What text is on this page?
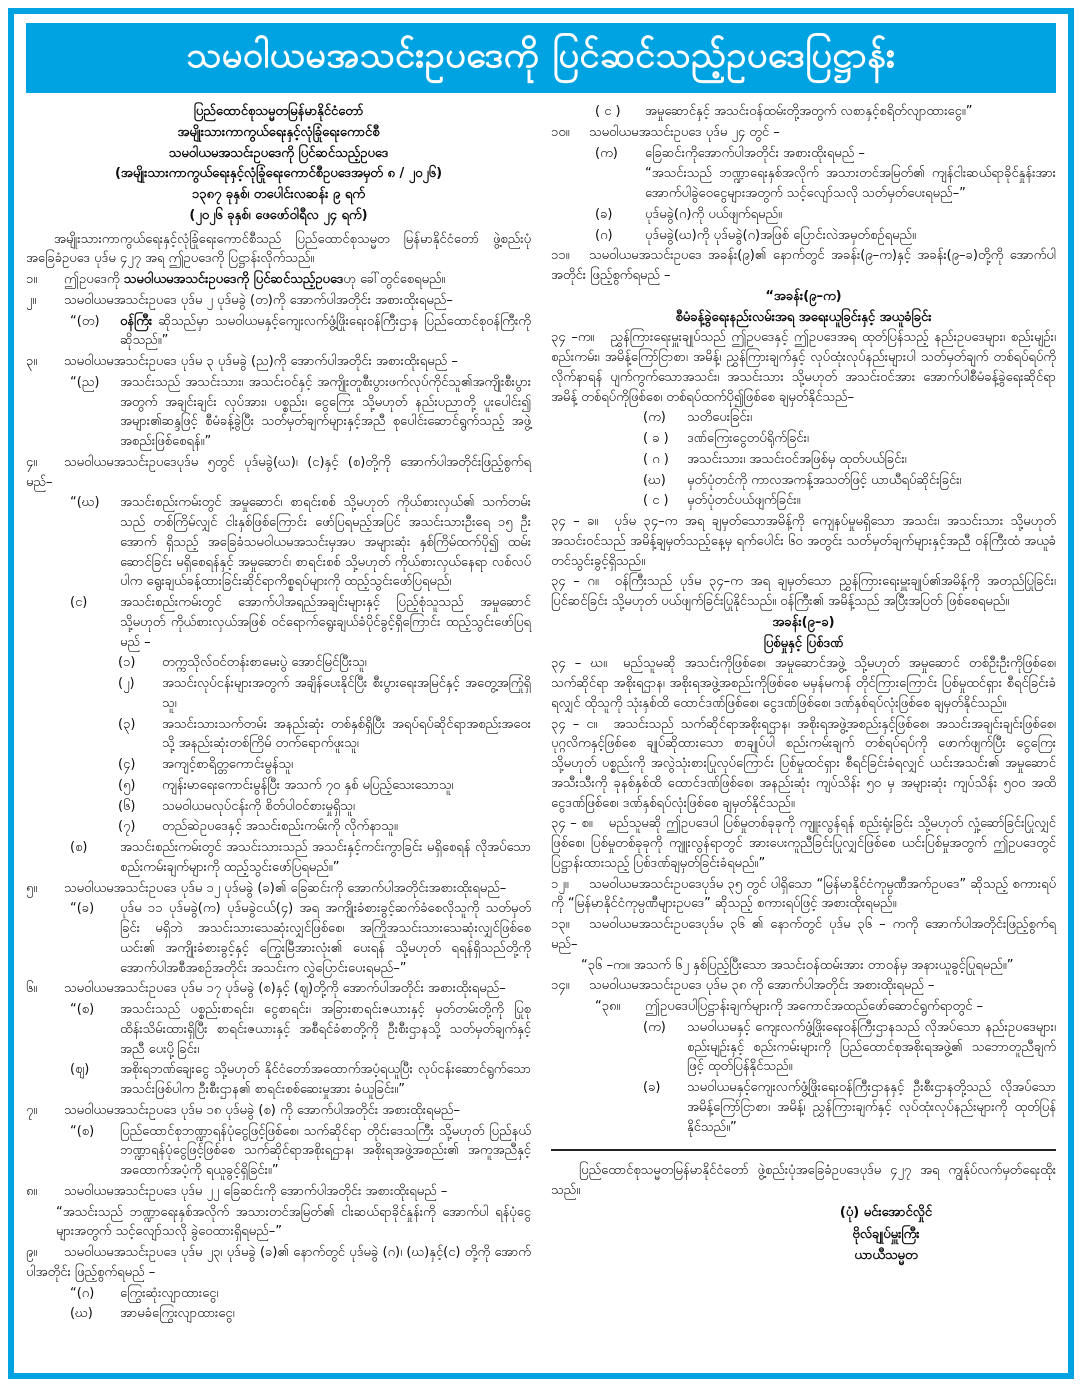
သမဝါယမအသင်းဥပဒေကို ပြင်ဆင်သည့်ဥပဒေပြဋ္ဌာန်း
ပြည်ထောင်စုသမ္မတမြန်မာနိုင်ငံတော်
အမျိုးသားကာကွယ်ရေးနှင့်လုံခြုံရေးကောင်စီ
သမဝါယမအသင်းဥပဒေကို ပြင်ဆင်သည့်ဥပဒေ
(အမျိုးသားကာကွယ်ရေးနှင့်လုံခြုံရေးကောင်စီဥပဒေအမှတ် ၈ / ၂၀၂၆)
၁၃၈၇ ခုနှစ်၊ တပေါင်းလဆန်း ၉ ရက်
(၂၀၂၆ ခုနှစ်၊ ဖေဖော်ဝါရီလ ၂၄ ရက်)
အမျိုးသားကာကွယ်ရေးနှင့်လုံခြုံရေးကောင်စီသည် ပြည်ထောင်စုသမ္မတ မြန်မာနိုင်ငံတော် ဖွဲ့စည်းပုံ အခြေခံဥပဒေ ပုဒ်မ ၄၂၇ အရ ဤဥပဒေကို ပြဋ္ဌာန်းလိုက်သည်။
၁။ ဤဥပဒေကို သမဝါယမအသင်းဥပဒေကို ပြင်ဆင်သည့်ဥပဒေဟု ခေါ်တွင်စေရမည်။
၂။ သမဝါယမအသင်းဥပဒေ ပုဒ်မ ၂ ပုဒ်မခွဲ (တ)ကို အောက်ပါအတိုင်း အစားထိုးရမည်–
“(တ)	ဝန်ကြီး ဆိုသည်မှာ သမဝါယမနှင့်ကျေးလက်ဖွံ့ဖြိုးရေးဝန်ကြီးဌာန ပြည်ထောင်စုဝန်ကြီးကို ဆိုသည်။”
၃။ သမဝါယမအသင်းဥပဒေ ပုဒ်မ ၃ ပုဒ်မခွဲ (ည)ကို အောက်ပါအတိုင်း အစားထိုးရမည် –
“(ည)	အသင်းသည် အသင်းသား၊ အသင်းဝင်နှင့် အကျိုးတူစီးပွားဖက်လုပ်ကိုင်သူ၏အကျိုးစီးပွား အတွက် အချင်းချင်း လုပ်အား၊ ပစ္စည်း၊ ငွေကြေး သို့မဟုတ် နည်းပညာတို့ ပူးပေါင်း၍ အများ၏ဆန္ဒဖြင့် စီမံခန့်ခွဲပြီး သတ်မှတ်ချက်များနှင့်အညီ စုပေါင်းဆောင်ရွက်သည့် အဖွဲ့အစည်းဖြစ်စေရန်။”
၄။ သမဝါယမအသင်းဥပဒေပုဒ်မ ၅တွင် ပုဒ်မခွဲ(ဃ)၊ (င)နှင့် (စ)တို့ကို အောက်ပါအတိုင်းဖြည့်စွက်ရမည်–
“(ဃ)	အသင်းစည်းကမ်းတွင် အမှုဆောင်၊ စာရင်းစစ် သို့မဟုတ် ကိုယ်စားလှယ်၏ သက်တမ်းသည် တစ်ကြိမ်လျှင် ငါးနှစ်ဖြစ်ကြောင်း ဖော်ပြရမည့်အပြင် အသင်းသားဦးရေ ၁၅ ဦး အောက် ရှိသည့် အခြေခံသမဝါယမအသင်းမှအပ အများဆုံး နှစ်ကြိမ်ထက်ပို၍ ထမ်းဆောင်ခြင်း မရှိစေရန်နှင့် အမှုဆောင်၊ စာရင်းစစ် သို့မဟုတ် ကိုယ်စားလှယ်နေရာ လစ်လပ်ပါက ရွေးချယ်ခန့်ထားခြင်းဆိုင်ရာကိစ္စရပ်များကို ထည့်သွင်းဖော်ပြရမည်၊
(င)	အသင်းစည်းကမ်းတွင် အောက်ပါအရည်အချင်းများနှင့် ပြည့်စုံသူသည် အမှုဆောင်သို့မဟုတ် ကိုယ်စားလှယ်အဖြစ် ဝင်ရောက်ရွေးချယ်ခံပိုင်ခွင့်ရှိကြောင်း ထည့်သွင်းဖော်ပြရမည် –
(၁)	တက္ကသိုလ်ဝင်တန်းစာမေးပွဲ အောင်မြင်ပြီးသူ၊
(၂)	အသင်းလုပ်ငန်းများအတွက် အချိန်ပေးနိုင်ပြီး စီးပွားရေးအမြင်နှင့် အတွေ့အကြုံရှိသူ၊
(၃)	အသင်းသားသက်တမ်း အနည်းဆုံး တစ်နှစ်ရှိပြီး အရပ်ရပ်ဆိုင်ရာအစည်းအဝေးသို့ အနည်းဆုံးတစ်ကြိမ် တက်ရောက်ဖူးသူ၊
(၄)	အကျင့်စာရိတ္တကောင်းမွန်သူ၊
(၅)	ကျန်းမာရေးကောင်းမွန်ပြီး အသက် ၇၀ နှစ် မပြည့်သေးသောသူ၊
(၆)	သမဝါယမလုပ်ငန်းကို စိတ်ပါဝင်စားမှုရှိသူ၊
(၇)	တည်ဆဲဥပဒေနှင့် အသင်းစည်းကမ်းကို လိုက်နာသူ။
(စ)	အသင်းစည်းကမ်းတွင် အသင်းသားသည် အသင်းနှင့်ကင်းကွာခြင်း မရှိစေရန် လိုအပ်သော စည်းကမ်းချက်များကို ထည့်သွင်းဖော်ပြရမည်။”
၅။ သမဝါယမအသင်းဥပဒေ ပုဒ်မ ၁၂ ပုဒ်မခွဲ (ခ)၏ ခြေဆင်းကို အောက်ပါအတိုင်းအစားထိုးရမည်–
“(ခ)	ပုဒ်မ ၁၁ ပုဒ်မခွဲ(က) ပုဒ်မခွဲငယ်(၄) အရ အကျိုးခံစားခွင့်ဆက်ခံစေလိုသူကို သတ်မှတ်ခြင်း မရှိဘဲ အသင်းသားသေဆုံးလျှင်ဖြစ်စေ၊ အကြိုအသင်းသားသေဆုံးလျှင်ဖြစ်စေ ယင်း၏ အကျိုးခံစားခွင့်နှင့် ကြွေးမြီအားလုံး၏ ပေးရန် သို့မဟုတ် ရရန်ရှိသည်တို့ကို အောက်ပါအစီအစဉ်အတိုင်း အသင်းက လွှဲပြောင်းပေးရမည်–”
၆။ သမဝါယမအသင်းဥပဒေ ပုဒ်မ ၁၇ ပုဒ်မခွဲ (စ)နှင့် (ဈ)တို့ကို အောက်ပါအတိုင်း အစားထိုးရမည်–
“(စ)	အသင်းသည် ပစ္စည်းစာရင်း၊ ငွေစာရင်း၊ အခြားစာရင်းဇယားနှင့် မှတ်တမ်းတို့ကို ပြုစု ထိန်းသိမ်းထားရှိပြီး စာရင်းဇယားနှင့် အစီရင်ခံစာတို့ကို ဦးစီးဌာနသို့ သတ်မှတ်ချက်နှင့်အညီ ပေးပို့ခြင်း၊
(ဈ)	အစိုးရဘဏ်ချေးငွေ သို့မဟုတ် နိုင်ငံတော်အထောက်အပံ့ရယူပြီး လုပ်ငန်းဆောင်ရွက်သော အသင်းဖြစ်ပါက ဦးစီးဌာန၏ စာရင်းစစ်ဆေးမှုအား ခံယူခြင်း။”
၇။ သမဝါယမအသင်းဥပဒေ ပုဒ်မ ၁၈ ပုဒ်မခွဲ (စ) ကို အောက်ပါအတိုင်း အစားထိုးရမည်–
“(စ)	ပြည်ထောင်စုဘဏ္ဍာရန်ပုံငွေဖြင့်ဖြစ်စေ၊ သက်ဆိုင်ရာ တိုင်းဒေသကြီး သို့မဟုတ် ပြည်နယ် ဘဏ္ဍာရန်ပုံငွေဖြင့်ဖြစ်စေ သက်ဆိုင်ရာအစိုးရဌာန၊ အစိုးရအဖွဲ့အစည်း၏ အကူအညီနှင့် အထောက်အပံ့ကို ရယူခွင့်ရှိခြင်း။”
၈။ သမဝါယမအသင်းဥပဒေ ပုဒ်မ ၂၂ ခြေဆင်းကို အောက်ပါအတိုင်း အစားထိုးရမည် –
“အသင်းသည် ဘဏ္ဍာရေးနှစ်အလိုက် အသားတင်အမြတ်၏ ငါးဆယ်ရာခိုင်နှုန်းကို အောက်ပါ ရန်ပုံငွေများအတွက် သင့်လျော်သလို ခွဲဝေထားရှိရမည်–”
၉။ သမဝါယမအသင်းဥပဒေ ပုဒ်မ ၂၃၊ ပုဒ်မခွဲ (ခ)၏ နောက်တွင် ပုဒ်မခွဲ (ဂ)၊ (ဃ)နှင့်(င) တို့ကို အောက်ပါအတိုင်း ဖြည့်စွက်ရမည် –
“(ဂ)	ကြွေးဆုံးလျာထားငွေ၊
(ဃ)	အာမခံကြွေးလျာထားငွေ၊
( င )	အမှုဆောင်နှင့် အသင်းဝန်ထမ်းတို့အတွက် လစာနှင့်စရိတ်လျာထားငွေ။”
၁၀။ သမဝါယမအသင်းဥပဒေ ပုဒ်မ ၂၄ တွင် –
(က)	ခြေဆင်းကိုအောက်ပါအတိုင်း အစားထိုးရမည် –
“အသင်းသည် ဘဏ္ဍာရေးနှစ်အလိုက် အသားတင်အမြတ်၏ ကျန်ငါးဆယ်ရာခိုင်နှုန်းအား အောက်ပါခွဲဝေငွေများအတွက် သင့်လျော်သလို သတ်မှတ်ပေးရမည်–”
(ခ)	ပုဒ်မခွဲ(ဂ)ကို ပယ်ဖျက်ရမည်။
(ဂ)	ပုဒ်မခွဲ(ဃ)ကို ပုဒ်မခွဲ(ဂ)အဖြစ် ပြောင်းလဲအမှတ်စဉ်ရမည်။
၁၁။ သမဝါယမအသင်းဥပဒေ အခန်း(၉)၏ နောက်တွင် အခန်း(၉–က)နှင့် အခန်း(၉–ခ)တို့ကို အောက်ပါအတိုင်း ဖြည့်စွက်ရမည် –
“အခန်း(၉–က)
စီမံခန့်ခွဲရေးနည်းလမ်းအရ အရေးယူခြင်းနှင့် အယူခံခြင်း
၃၄ –က။ ညွှန်ကြားရေးမှူးချုပ်သည် ဤဥပဒေနှင့် ဤဥပဒေအရ ထုတ်ပြန်သည့် နည်းဥပဒေများ၊ စည်းမျဉ်း၊ စည်းကမ်း၊ အမိန့်ကြော်ငြာစာ၊ အမိန့်၊ ညွှန်ကြားချက်နှင့် လုပ်ထုံးလုပ်နည်းများပါ သတ်မှတ်ချက် တစ်ရပ်ရပ်ကို လိုက်နာရန် ပျက်ကွက်သောအသင်း၊ အသင်းသား သို့မဟုတ် အသင်းဝင်အား အောက်ပါစီမံခန့်ခွဲရေးဆိုင်ရာအမိန့် တစ်ရပ်ကိုဖြစ်စေ၊ တစ်ရပ်ထက်ပို၍ဖြစ်စေ ချမှတ်နိုင်သည်–
(က)	သတိပေးခြင်း၊
( ခ )	ဒဏ်ကြေးငွေတပ်ရိုက်ခြင်း၊
( ဂ )	အသင်းသား၊ အသင်းဝင်အဖြစ်မှ ထုတ်ပယ်ခြင်း၊
(ဃ)	မှတ်ပုံတင်ကို ကာလအကန့်အသတ်ဖြင့် ယာယီရပ်ဆိုင်းခြင်း၊
( င )	မှတ်ပုံတင်ပယ်ဖျက်ခြင်း။
၃၄ – ခ။ ပုဒ်မ ၃၄–က အရ ချမှတ်သောအမိန့်ကို ကျေနပ်မှုမရှိသော အသင်း၊ အသင်းသား သို့မဟုတ် အသင်းဝင်သည် အမိန့်ချမှတ်သည့်နေ့မှ ရက်ပေါင်း ၆၀ အတွင်း သတ်မှတ်ချက်များနှင့်အညီ ဝန်ကြီးထံ အယူခံတင်သွင်းခွင့်ရှိသည်။
၃၄ – ဂ။ ဝန်ကြီးသည် ပုဒ်မ ၃၄–က အရ ချမှတ်သော ညွှန်ကြားရေးမှူးချုပ်၏အမိန့်ကို အတည်ပြုခြင်း၊ ပြင်ဆင်ခြင်း သို့မဟုတ် ပယ်ဖျက်ခြင်းပြုနိုင်သည်။ ဝန်ကြီး၏ အမိန့်သည် အပြီးအပြတ် ဖြစ်စေရမည်။
အခန်း(၉–ခ)
ပြစ်မှုနှင့် ပြစ်ဒဏ်
၃၄ – ဃ။ မည်သူမဆို အသင်းကိုဖြစ်စေ၊ အမှုဆောင်အဖွဲ့ သို့မဟုတ် အမှုဆောင် တစ်ဦးဦးကိုဖြစ်စေ၊ သက်ဆိုင်ရာ အစိုးရဌာန၊ အစိုးရအဖွဲ့အစည်းကိုဖြစ်စေ မမှန်မကန် တိုင်ကြားကြောင်း ပြစ်မှုထင်ရှား စီရင်ခြင်းခံရလျှင် ထိုသူကို သုံးနှစ်ထိ ထောင်ဒဏ်ဖြစ်စေ၊ ငွေဒဏ်ဖြစ်စေ၊ ဒဏ်နှစ်ရပ်လုံးဖြစ်စေ ချမှတ်နိုင်သည်။
၃၄ – င။ အသင်းသည် သက်ဆိုင်ရာအစိုးရဌာန၊ အစိုးရအဖွဲ့အစည်းနှင့်ဖြစ်စေ၊ အသင်းအချင်းချင်းဖြစ်စေ၊ ပုဂ္ဂလိကနှင့်ဖြစ်စေ ချုပ်ဆိုထားသော စာချုပ်ပါ စည်းကမ်းချက် တစ်ရပ်ရပ်ကို ဖောက်ဖျက်ပြီး ငွေကြေး သို့မဟုတ် ပစ္စည်းကို အလွဲသုံးစားပြုလုပ်ကြောင်း ပြစ်မှုထင်ရှား စီရင်ခြင်းခံရလျှင် ယင်းအသင်း၏ အမှုဆောင်အသီးသီးကို ခုနစ်နှစ်ထိ ထောင်ဒဏ်ဖြစ်စေ၊ အနည်းဆုံး ကျပ်သိန်း ၅၀ မှ အများဆုံး ကျပ်သိန်း ၅၀၀ အထိ ငွေဒဏ်ဖြစ်စေ၊ ဒဏ်နှစ်ရပ်လုံးဖြစ်စေ ချမှတ်နိုင်သည်။
၃၄ – စ။ မည်သူမဆို ဤဥပဒေပါ ပြစ်မှုတစ်ခုခုကို ကျူးလွန်ရန် စည်းရုံးခြင်း သို့မဟုတ် လှုံ့ဆော်ခြင်းပြုလျှင်ဖြစ်စေ၊ ပြစ်မှုတစ်ခုခုကို ကျူးလွန်ရာတွင် အားပေးကူညီခြင်းပြုလျှင်ဖြစ်စေ ယင်းပြစ်မှုအတွက် ဤဥပဒေတွင် ပြဋ္ဌာန်းထားသည့် ပြစ်ဒဏ်ချမှတ်ခြင်းခံရမည်။”
၁၂။ သမဝါယမအသင်းဥပဒေပုဒ်မ ၃၅ တွင် ပါရှိသော “မြန်မာနိုင်ငံကုမ္ပဏီအက်ဥပဒေ” ဆိုသည့် စကားရပ်ကို “မြန်မာနိုင်ငံကုမ္ပဏီများဥပဒေ” ဆိုသည့် စကားရပ်ဖြင့် အစားထိုးရမည်။
၁၃။ သမဝါယမအသင်းဥပဒေပုဒ်မ ၃၆ ၏ နောက်တွင် ပုဒ်မ ၃၆ – ကကို အောက်ပါအတိုင်းဖြည့်စွက်ရမည်–
“၃၆ –က။ အသက် ၆၂ နှစ်ပြည့်ပြီးသော အသင်းဝန်ထမ်းအား တာဝန်မှ အနားယူခွင့်ပြုရမည်။”
၁၄။ သမဝါယမအသင်းဥပဒေ ပုဒ်မ ၃၈ ကို အောက်ပါအတိုင်း အစားထိုးရမည် –
“၃၈။	ဤဥပဒေပါပြဋ္ဌာန်းချက်များကို အကောင်အထည်ဖော်ဆောင်ရွက်ရာတွင် –
(က)	သမဝါယမနှင့် ကျေးလက်ဖွံ့ဖြိုးရေးဝန်ကြီးဌာနသည် လိုအပ်သော နည်းဥပဒေများ၊ စည်းမျဉ်းနှင့် စည်းကမ်းများကို ပြည်ထောင်စုအစိုးရအဖွဲ့၏ သဘောတူညီချက်ဖြင့် ထုတ်ပြန်နိုင်သည်။
(ခ)	သမဝါယမနှင့်ကျေးလက်ဖွံ့ဖြိုးရေးဝန်ကြီးဌာနနှင့် ဦးစီးဌာနတို့သည် လိုအပ်သော အမိန့်ကြော်ငြာစာ၊ အမိန့်၊ ညွှန်ကြားချက်နှင့် လုပ်ထုံးလုပ်နည်းများကို ထုတ်ပြန်နိုင်သည်။”
ပြည်ထောင်စုသမ္မတမြန်မာနိုင်ငံတော် ဖွဲ့စည်းပုံအခြေခံဥပဒေပုဒ်မ ၄၂၇ အရ ကျွန်ုပ်လက်မှတ်ရေးထိုးသည်။
(ပုံ) မင်းအောင်လှိုင်
ဗိုလ်ချုပ်မှူးကြီး
ယာယီသမ္မတ
